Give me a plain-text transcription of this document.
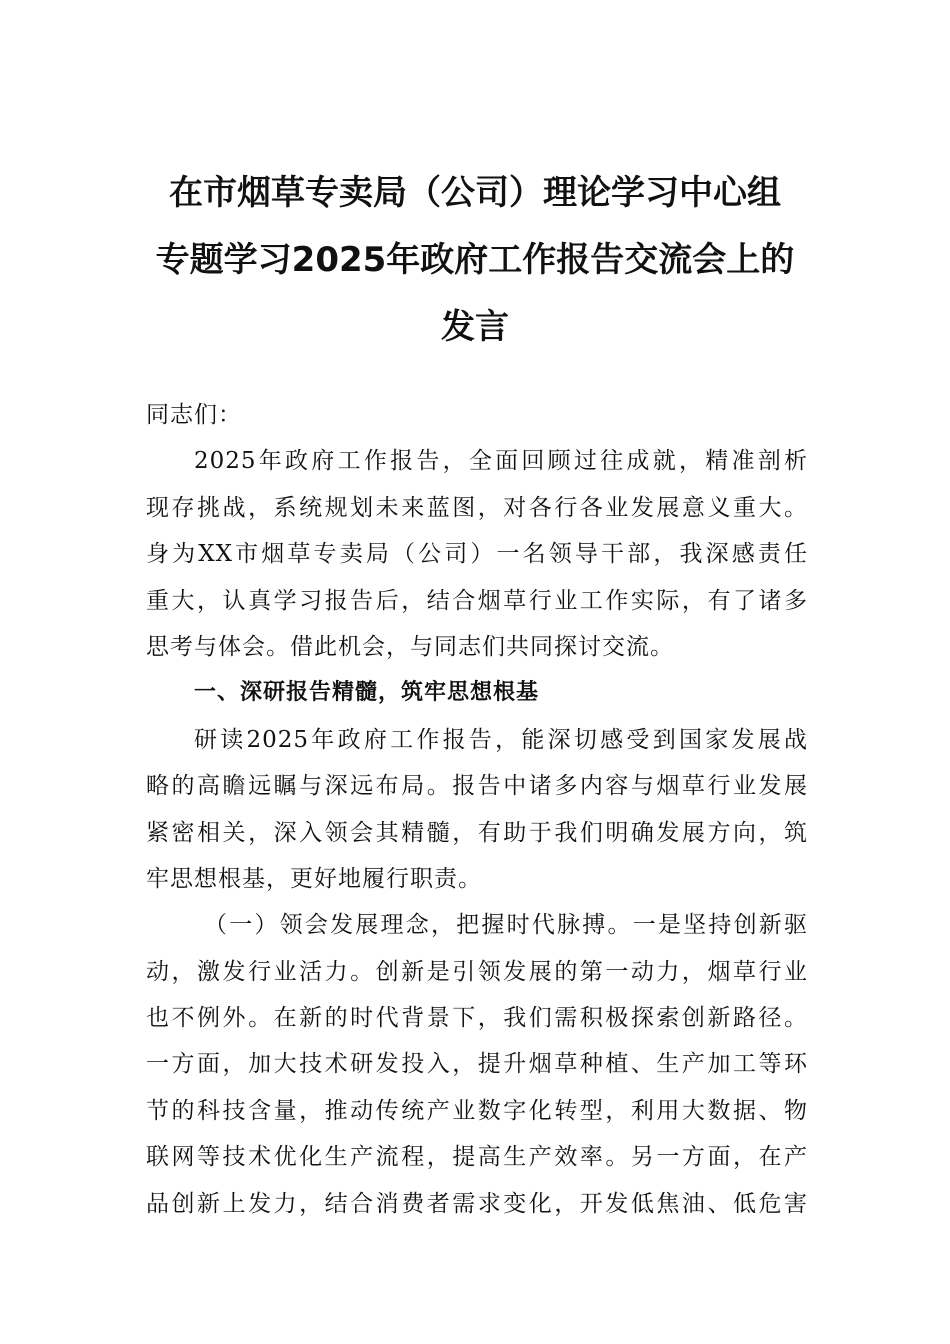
在市烟草专卖局（公司）理论学习中心组
专题学习2025年政府工作报告交流会上的
发言
同志们：
2025年政府工作报告，全面回顾过往成就，精准剖析
现存挑战，系统规划未来蓝图，对各行各业发展意义重大。
身为XX市烟草专卖局（公司）一名领导干部，我深感责任
重大，认真学习报告后，结合烟草行业工作实际，有了诸多
思考与体会。借此机会，与同志们共同探讨交流。
一、深研报告精髓，筑牢思想根基
研读2025年政府工作报告，能深切感受到国家发展战
略的高瞻远瞩与深远布局。报告中诸多内容与烟草行业发展
紧密相关，深入领会其精髓，有助于我们明确发展方向，筑
牢思想根基，更好地履行职责。
（一）领会发展理念，把握时代脉搏。一是坚持创新驱
动，激发行业活力。创新是引领发展的第一动力，烟草行业
也不例外。在新的时代背景下，我们需积极探索创新路径。
一方面，加大技术研发投入，提升烟草种植、生产加工等环
节的科技含量，推动传统产业数字化转型，利用大数据、物
联网等技术优化生产流程，提高生产效率。另一方面，在产
品创新上发力，结合消费者需求变化，开发低焦油、低危害
